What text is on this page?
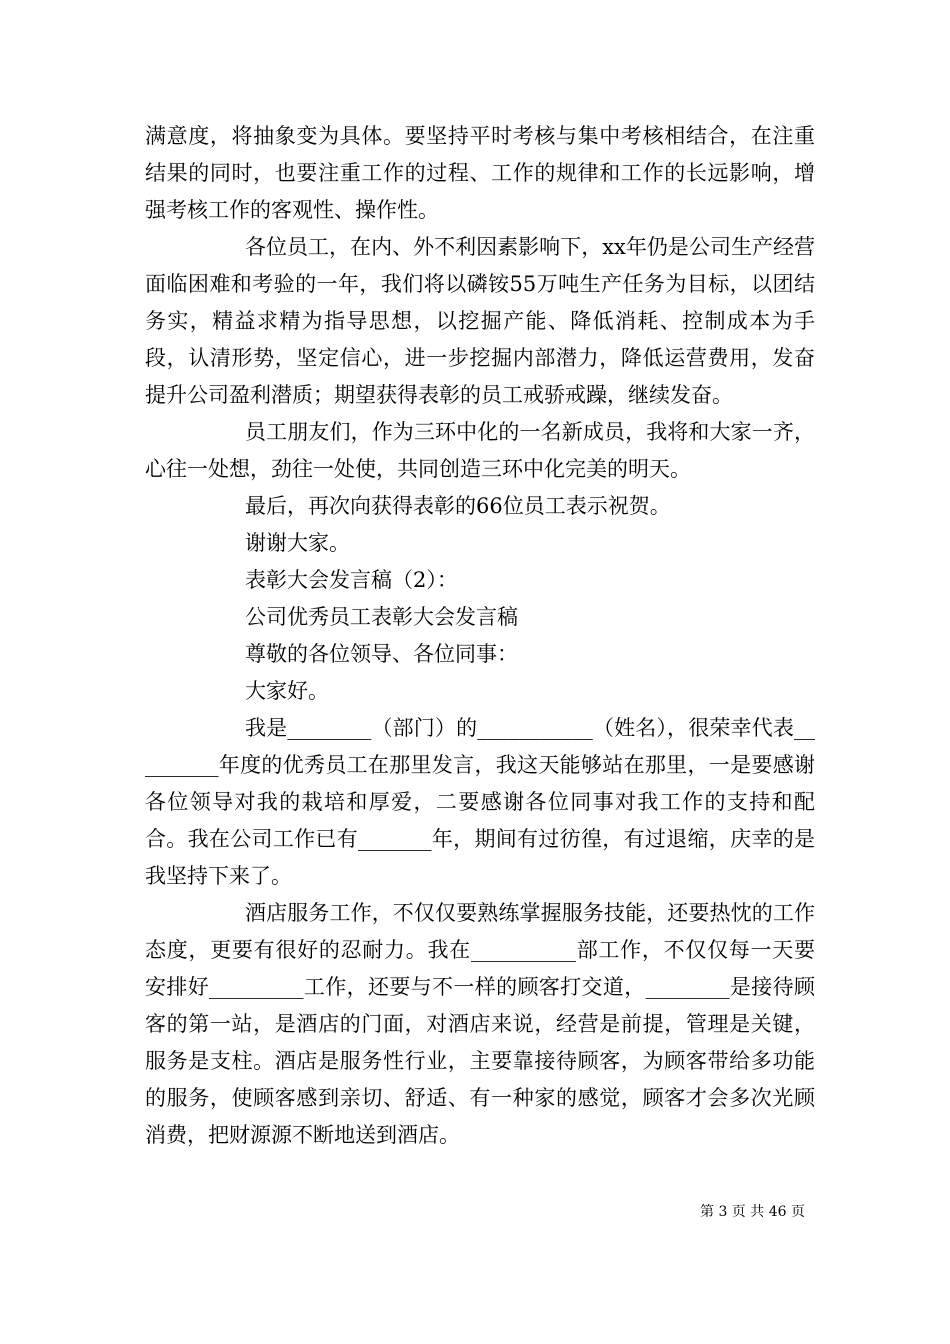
满意度，将抽象变为具体。要坚持平时考核与集中考核相结合，在注重结果的同时，也要注重工作的过程、工作的规律和工作的长远影响，增强考核工作的客观性、操作性。

各位员工，在内、外不利因素影响下，xx年仍是公司生产经营面临困难和考验的一年，我们将以磷铵55万吨生产任务为目标，以团结务实，精益求精为指导思想，以挖掘产能、降低消耗、控制成本为手段，认清形势，坚定信心，进一步挖掘内部潜力，降低运营费用，发奋提升公司盈利潜质；期望获得表彰的员工戒骄戒躁，继续发奋。

员工朋友们，作为三环中化的一名新成员，我将和大家一齐，心往一处想，劲往一处使，共同创造三环中化完美的明天。

最后，再次向获得表彰的66位员工表示祝贺。

谢谢大家。

表彰大会发言稿（2）：

公司优秀员工表彰大会发言稿

尊敬的各位领导、各位同事：

大家好。

我是________（部门）的___________（姓名），很荣幸代表_________年度的优秀员工在那里发言，我这天能够站在那里，一是要感谢各位领导对我的栽培和厚爱，二要感谢各位同事对我工作的支持和配合。我在公司工作已有_______年，期间有过彷徨，有过退缩，庆幸的是我坚持下来了。

酒店服务工作，不仅仅要熟练掌握服务技能，还要热忱的工作态度，更要有很好的忍耐力。我在__________部工作，不仅仅每一天要安排好_________工作，还要与不一样的顾客打交道，________是接待顾客的第一站，是酒店的门面，对酒店来说，经营是前提，管理是关键，服务是支柱。酒店是服务性行业，主要靠接待顾客，为顾客带给多功能的服务，使顾客感到亲切、舒适、有一种家的感觉，顾客才会多次光顾消费，把财源源不断地送到酒店。

第 3 页 共 46 页
